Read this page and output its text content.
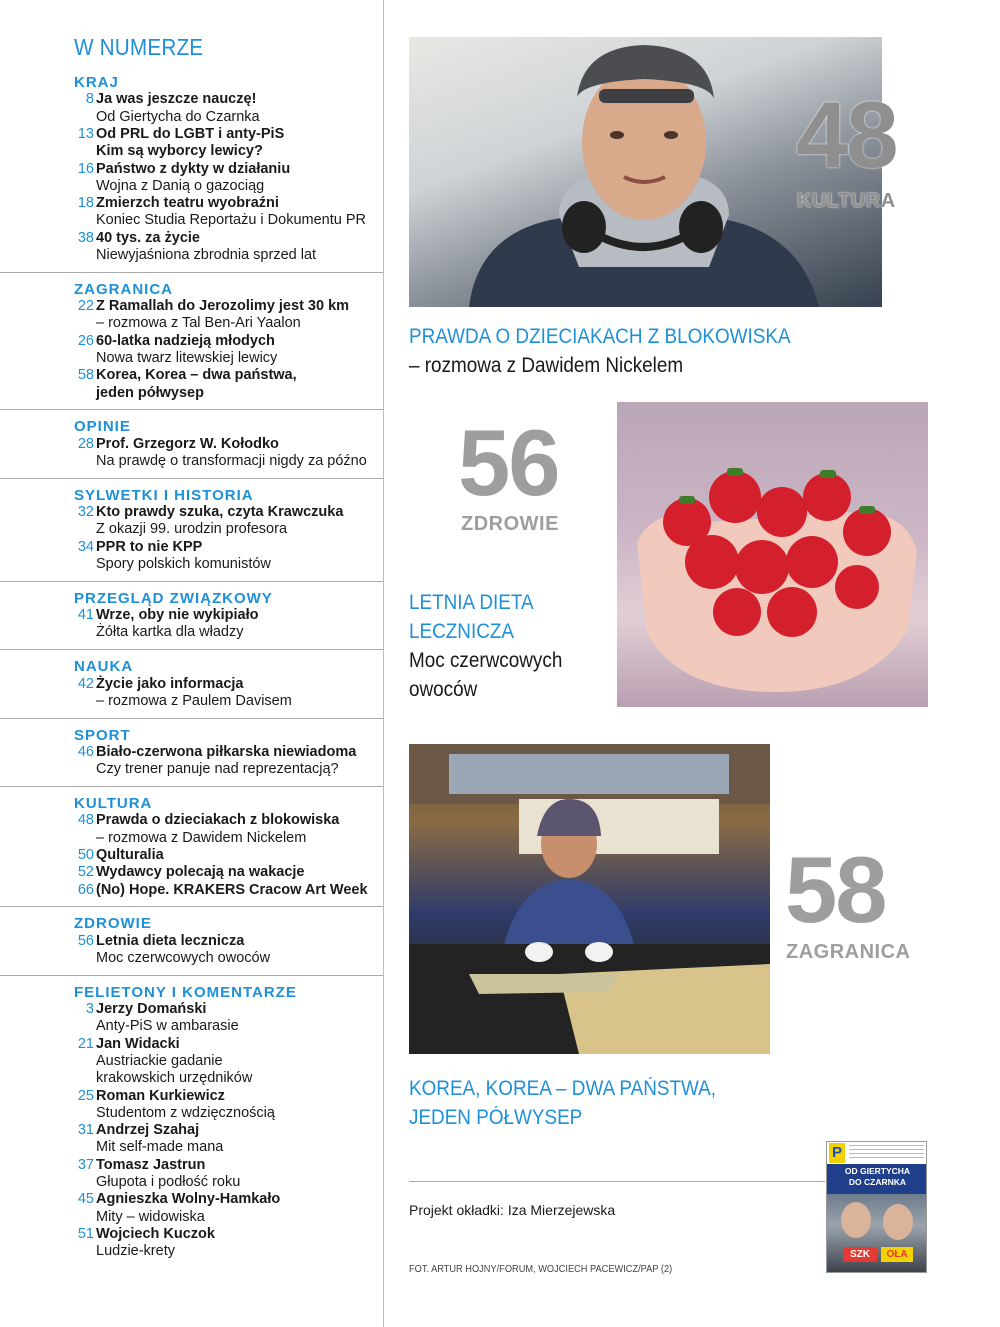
W NUMERZE
KRAJ
8 Ja was jeszcze nauczę!
Od Giertycha do Czarnka
13 Od PRL do LGBT i anty-PiS
Kim są wyborcy lewicy?
16 Państwo z dykty w działaniu
Wojna z Danią o gazociąg
18 Zmierzch teatru wyobraźni
Koniec Studia Reportażu i Dokumentu PR
38 40 tys. za życie
Niewyjaśniona zbrodnia sprzed lat
ZAGRANICA
22 Z Ramallah do Jerozolimy jest 30 km
– rozmowa z Tal Ben-Ari Yaalon
26 60-latka nadzieją młodych
Nowa twarz litewskiej lewicy
58 Korea, Korea – dwa państwa,
jeden półwysep
OPINIE
28 Prof. Grzegorz W. Kołodko
Na prawdę o transformacji nigdy za późno
SYLWETKI I HISTORIA
32 Kto prawdy szuka, czyta Krawczuka
Z okazji 99. urodzin profesora
34 PPR to nie KPP
Spory polskich komunistów
PRZEGLĄD ZWIĄZKOWY
41 Wrze, oby nie wykipiało
Żółta kartka dla władzy
NAUKA
42 Życie jako informacja
– rozmowa z Paulem Davisem
SPORT
46 Biało-czerwona piłkarska niewiadoma
Czy trener panuje nad reprezentacją?
KULTURA
48 Prawda o dzieciakach z blokowiska
– rozmowa z Dawidem Nickelem
50 Qulturalia
52 Wydawcy polecają na wakacje
66 (No) Hope. KRAKERS Cracow Art Week
ZDROWIE
56 Letnia dieta lecznicza
Moc czerwcowych owoców
FELIETONY I KOMENTARZE
3 Jerzy Domański
Anty-PiS w ambarasie
21 Jan Widacki
Austriackie gadanie
krakowskich urzędników
25 Roman Kurkiewicz
Studentom z wdzięcznością
31 Andrzej Szahaj
Mit self-made mana
37 Tomasz Jastrun
Głupota i podłość roku
45 Agnieszka Wolny-Hamkało
Mity – widowiska
51 Wojciech Kuczok
Ludzie-krety
48
KULTURA
PRAWDA O DZIECIAKACH Z BLOKOWISKA
– rozmowa z Dawidem Nickelem
56
ZDROWIE
LETNIA DIETA
LECZNICZA
Moc czerwcowych
owoców
58
ZAGRANICA
KOREA, KOREA – DWA PAŃSTWA,
JEDEN PÓŁWYSEP
Projekt okładki: Iza Mierzejewska
FOT. ARTUR HOJNY/FORUM, WOJCIECH PACEWICZ/PAP (2)
P
OD GIERTYCHA
DO CZARNKA
SZK	OŁA
